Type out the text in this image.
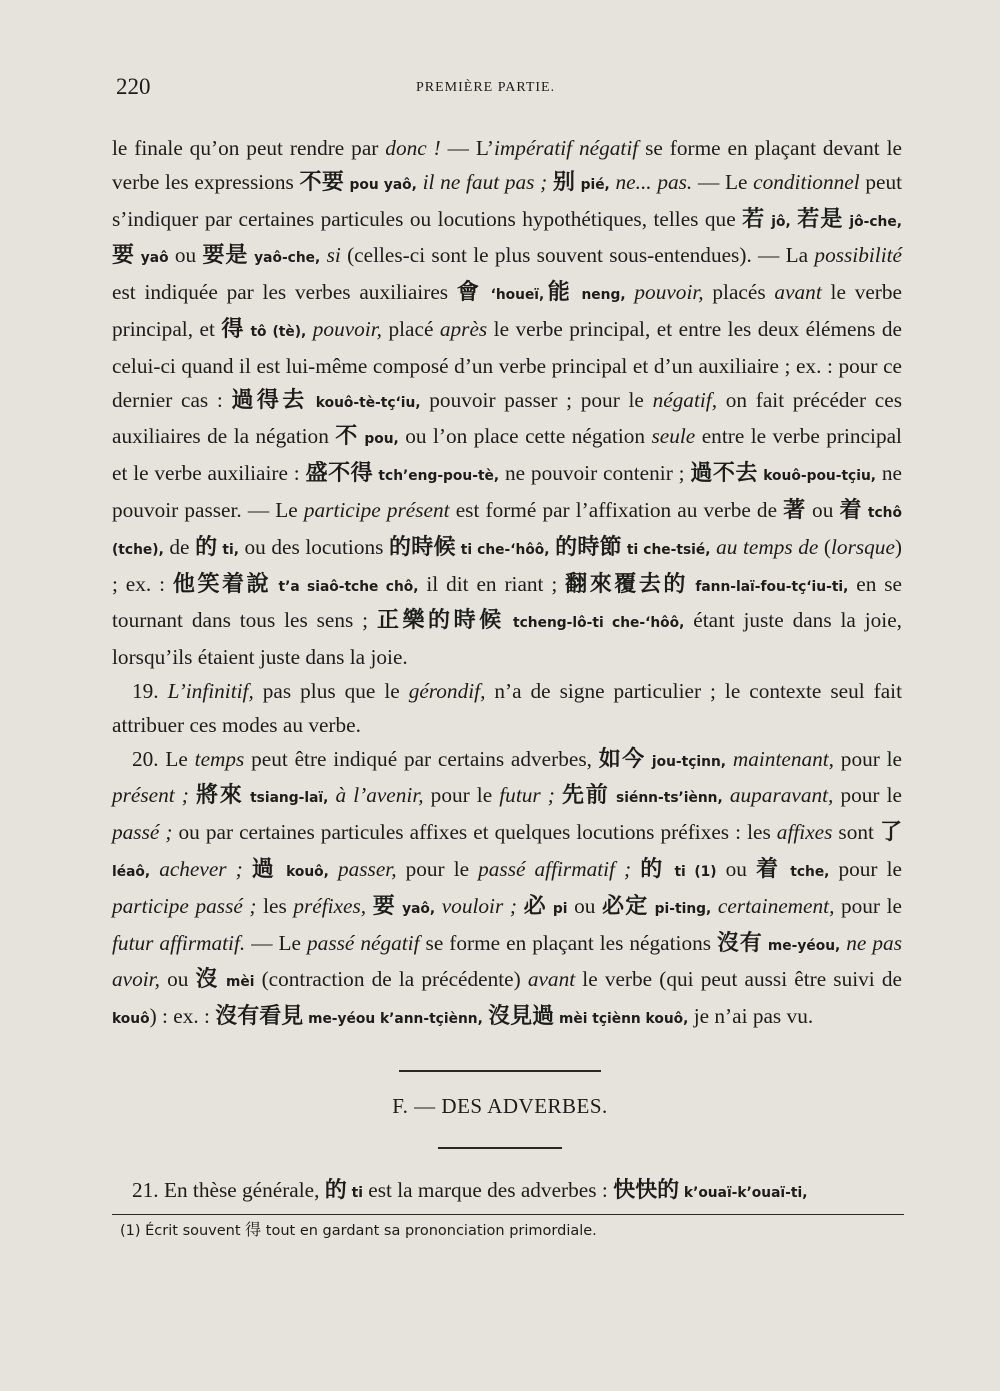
220	PREMIÈRE PARTIE.

le finale qu’on peut rendre par donc ! — L’impératif négatif se forme en plaçant devant le verbe les expressions 不要 pou yaô, il ne faut pas ; 别 pié, ne... pas. — Le conditionnel peut s’indiquer par certaines particules ou locutions hypothétiques, telles que 若 jô, 若是 jô-che, 要 yaô ou 要是 yaô-che, si (celles-ci sont le plus souvent sous-entendues). — La possibilité est indiquée par les verbes auxiliaires 會 ‘houeï,能 neng, pouvoir, placés avant le verbe principal, et 得 tô (tè), pouvoir, placé après le verbe principal, et entre les deux élémens de celui-ci quand il est lui-même composé d’un verbe principal et d’un auxiliaire ; ex. : pour ce dernier cas : 過得去 kouô-tè-tçʻiu, pouvoir passer ; pour le négatif, on fait précéder ces auxiliaires de la négation 不 pou, ou l’on place cette négation seule entre le verbe principal et le verbe auxiliaire : 盛不得 tch’eng-pou-tè, ne pouvoir contenir ; 過不去 kouô-pou-tçiu, ne pouvoir passer. — Le participe présent est formé par l’affixation au verbe de 著 ou 着 tchô (tche), de 的 ti, ou des locutions 的時候 ti che-‘hôô, 的時節 ti che-tsié, au temps de (lorsque) ; ex. : 他笑着說 t’a siaô-tche chô, il dit en riant ; 翻來覆去的 fann-laï-fou-tçʻiu-ti, en se tournant dans tous les sens ; 正樂的時候 tcheng-lô-ti che-‘hôô, étant juste dans la joie, lorsqu’ils étaient juste dans la joie.

19. L’infinitif, pas plus que le gérondif, n’a de signe particulier ; le contexte seul fait attribuer ces modes au verbe.

20. Le temps peut être indiqué par certains adverbes, 如今 jou-tçinn, maintenant, pour le présent ; 將來 tsiang-laï, à l’avenir, pour le futur ; 先前 siénn-ts’iènn, auparavant, pour le passé ; ou par certaines particules affixes et quelques locutions préfixes : les affixes sont 了 léaô, achever ; 過 kouô, passer, pour le passé affirmatif ; 的 ti (1) ou 着 tche, pour le participe passé ; les préfixes, 要 yaô, vouloir ; 必 pi ou 必定 pi-ting, certainement, pour le futur affirmatif. — Le passé négatif se forme en plaçant les négations 沒有 me-yéou, ne pas avoir, ou 沒 mèi (contraction de la précédente) avant le verbe (qui peut aussi être suivi de kouô) : ex. : 沒有看見 me-yéou k’ann-tçiènn, 沒見過 mèi tçiènn kouô, je n’ai pas vu.

F. — DES ADVERBES.

21. En thèse générale, 的 ti est la marque des adverbes : 快快的 k’ouaï-k’ouaï-ti,

(1) Écrit souvent 得 tout en gardant sa prononciation primordiale.
